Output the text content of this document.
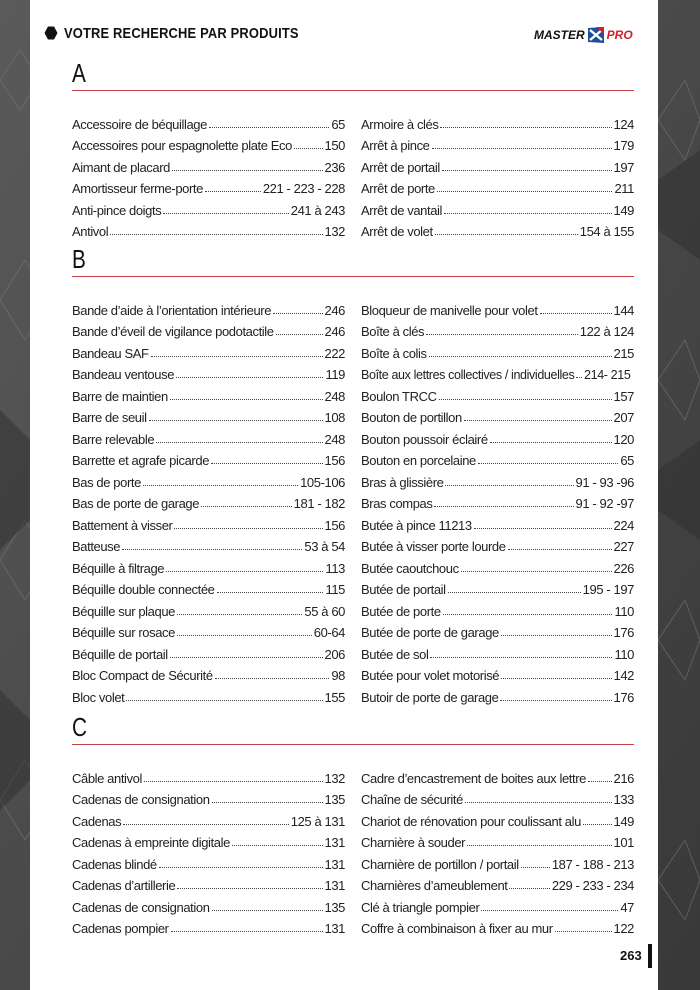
VOTRE RECHERCHE PAR PRODUITS	MASTER PRO
A
Accessoire de béquillage	65
Accessoires pour espagnolette plate Eco	150
Aimant de placard	236
Amortisseur ferme-porte	221 - 223 - 228
Anti-pince doigts	241 à 243
Antivol	132
Armoire à clés	124
Arrêt à pince	179
Arrêt de portail	197
Arrêt de porte	211
Arrêt de vantail	149
Arrêt de volet	154 à 155
B
Bande d’aide à l’orientation intérieure	246
Bande d’éveil de vigilance podotactile	246
Bandeau SAF	222
Bandeau ventouse	119
Barre de maintien	248
Barre de seuil	108
Barre relevable	248
Barrette et agrafe picarde	156
Bas de porte	105-106
Bas de porte de garage	181 - 182
Battement à visser	156
Batteuse	53 à 54
Béquille à filtrage	113
Béquille double connectée	115
Béquille sur plaque	55 à 60
Béquille sur rosace	60-64
Béquille de portail	206
Bloc Compact de Sécurité	98
Bloc volet	155
Bloqueur de manivelle pour volet	144
Boîte à clés	122 à 124
Boîte à colis	215
Boîte aux lettres collectives / individuelles 214- 215
Boulon TRCC	157
Bouton de portillon	207
Bouton poussoir éclairé	120
Bouton en porcelaine	65
Bras à glissière	91 - 93 -96
Bras compas	91 - 92 -97
Butée à pince 11213	224
Butée à visser porte lourde	227
Butée caoutchouc	226
Butée de portail	195 - 197
Butée de porte	110
Butée de porte de garage	176
Butée de sol	110
Butée pour volet motorisé	142
Butoir de porte de garage	176
C
Câble antivol	132
Cadenas de consignation	135
Cadenas	125 à 131
Cadenas à empreinte digitale	131
Cadenas blindé	131
Cadenas d’artillerie	131
Cadenas de consignation	135
Cadenas pompier	131
Cadre d’encastrement de boites aux lettre 216
Chaîne de sécurité	133
Chariot de rénovation pour coulissant alu	149
Charnière à souder	101
Charnière de portillon / portail	187 - 188 - 213
Charnières d’ameublement	229 - 233 - 234
Clé à triangle pompier	47
Coffre à combinaison à fixer au mur	122
263
